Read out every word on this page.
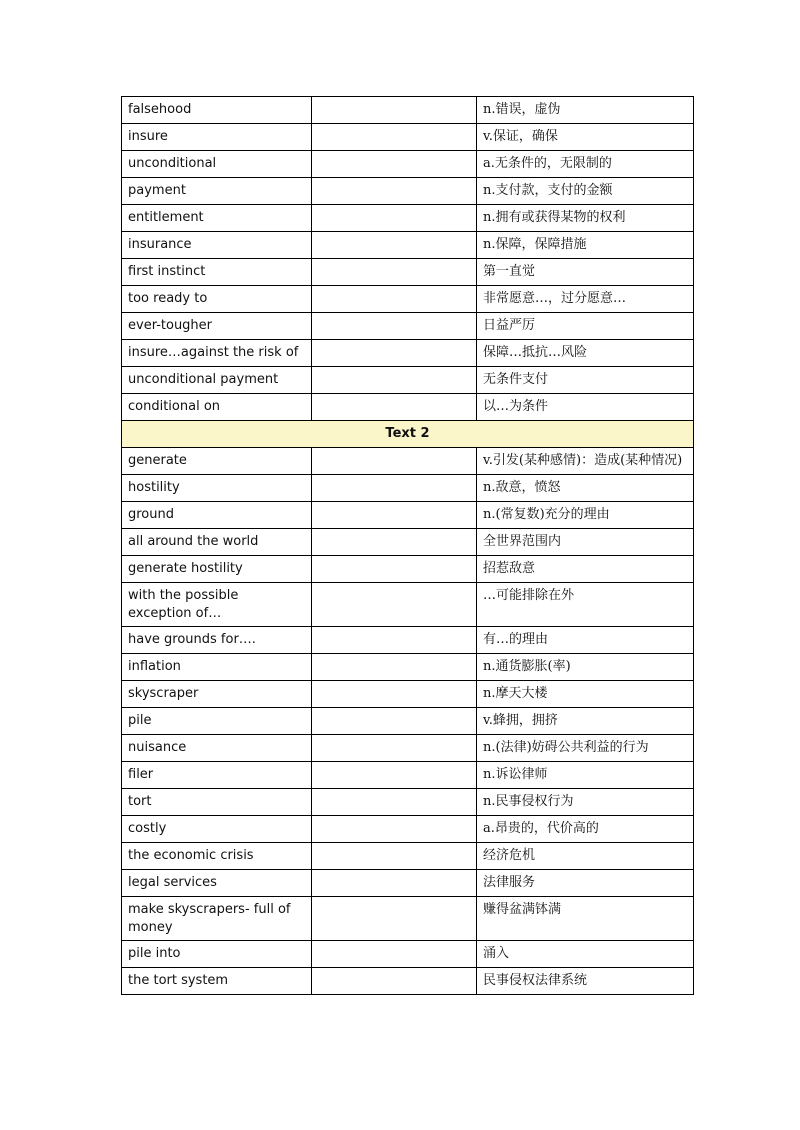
falsehood		n.错误，虚伪
insure		v.保证，确保
unconditional		a.无条件的，无限制的
payment		n.支付款，支付的金额
entitlement		n.拥有或获得某物的权利
insurance		n.保障，保障措施
first instinct		第一直觉
too ready to		非常愿意…，过分愿意…
ever-tougher		日益严厉
insure…against the risk of		保障…抵抗…风险
unconditional payment		无条件支付
conditional on		以…为条件
Text 2		
generate		v.引发(某种感情)：造成(某种情况)
hostility		n.敌意，愤怒
ground		n.(常复数)充分的理由
all around the world		全世界范围内
generate hostility		招惹敌意
with the possible exception of…		…可能排除在外
have grounds for….		有…的理由
inflation		n.通货膨胀(率)
skyscraper		n.摩天大楼
pile		v.蜂拥，拥挤
nuisance		n.(法律)妨碍公共利益的行为
filer		n.诉讼律师
tort		n.民事侵权行为
costly		a.昂贵的，代价高的
the economic crisis		经济危机
legal services		法律服务
make skyscrapers- full of money		赚得盆满钵满
pile into		涌入
the tort system		民事侵权法律系统
